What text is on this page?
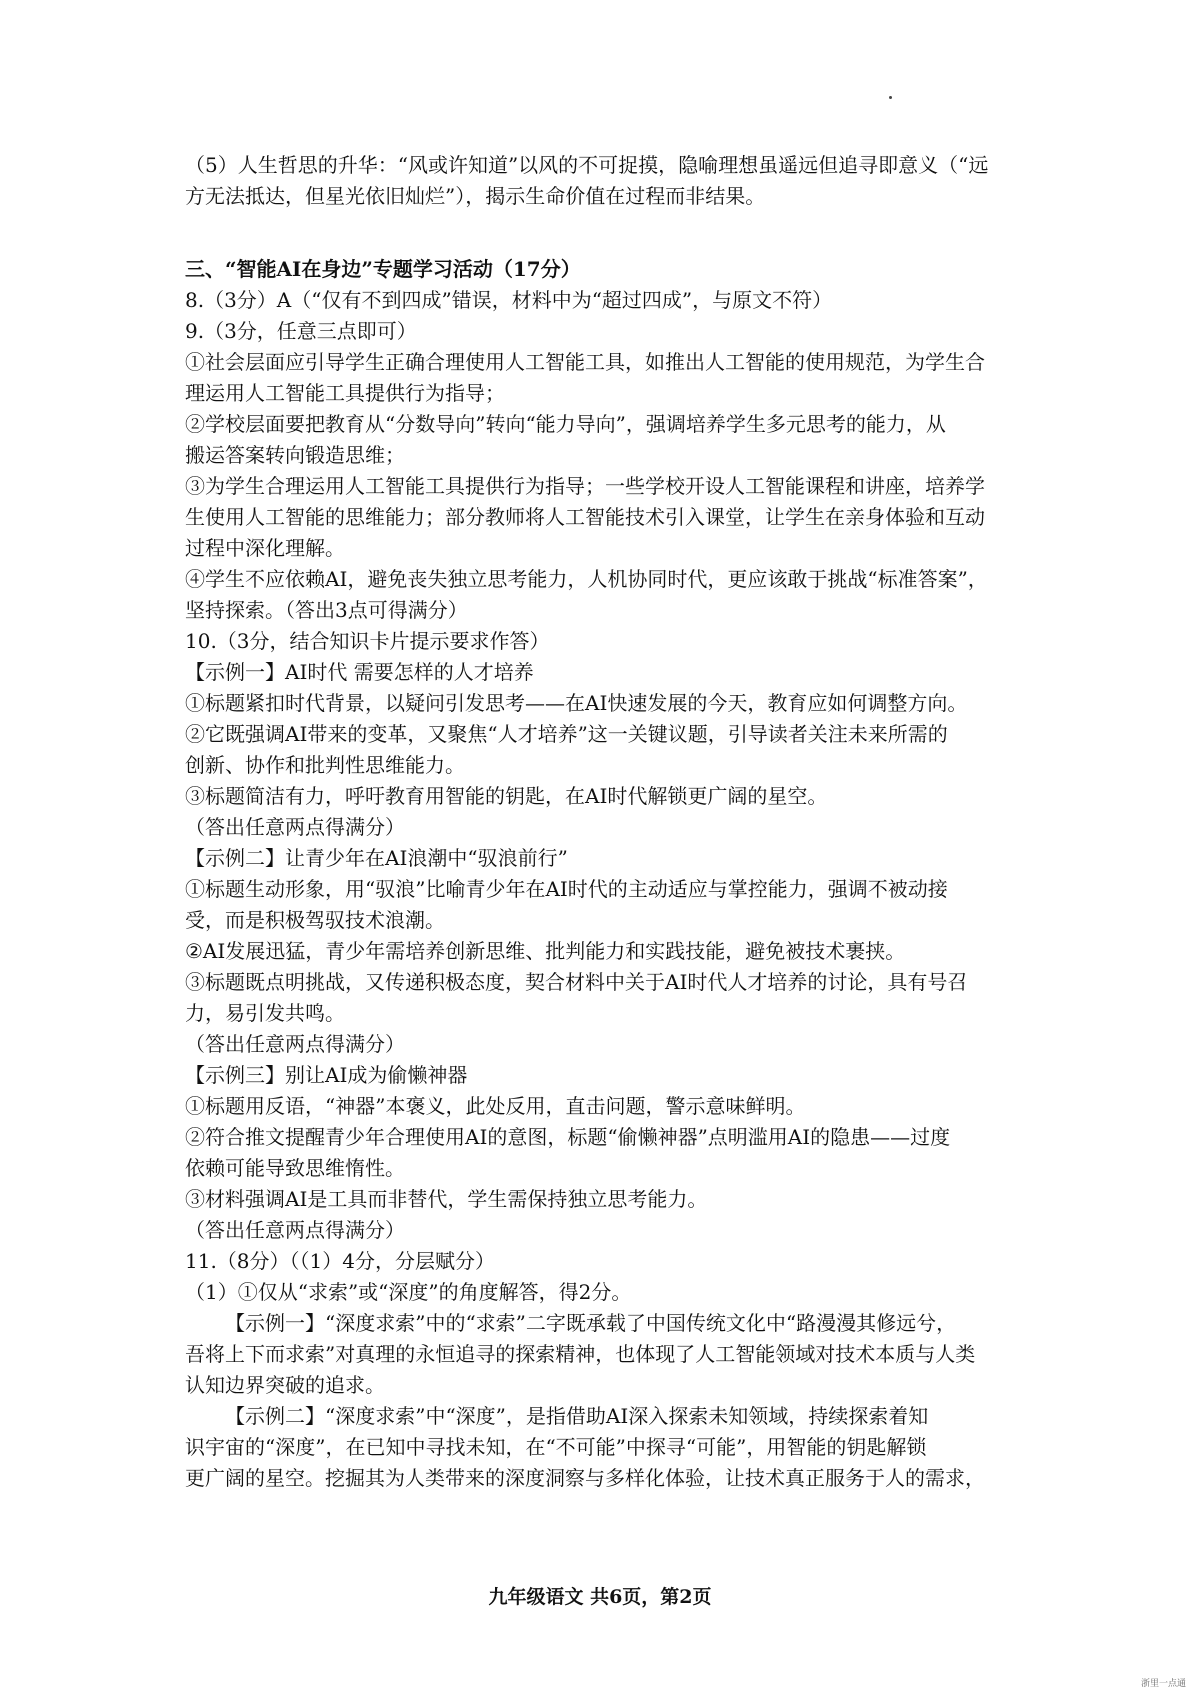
（5）人生哲思的升华：“风或许知道”以风的不可捉摸，隐喻理想虽遥远但追寻即意义（“远
方无法抵达，但星光依旧灿烂”），揭示生命价值在过程而非结果。
三、“智能AI在身边”专题学习活动（17分）
8.（3分）A（“仅有不到四成”错误，材料中为“超过四成”，与原文不符）
9.（3分，任意三点即可）
①社会层面应引导学生正确合理使用人工智能工具，如推出人工智能的使用规范，为学生合
理运用人工智能工具提供行为指导；
②学校层面要把教育从“分数导向”转向“能力导向”，强调培养学生多元思考的能力，从
搬运答案转向锻造思维；
③为学生合理运用人工智能工具提供行为指导；一些学校开设人工智能课程和讲座，培养学
生使用人工智能的思维能力；部分教师将人工智能技术引入课堂，让学生在亲身体验和互动
过程中深化理解。
④学生不应依赖AI，避免丧失独立思考能力，人机协同时代，更应该敢于挑战“标准答案”，
坚持探索。（答出3点可得满分）
10.（3分，结合知识卡片提示要求作答）
【示例一】AI时代 需要怎样的人才培养
①标题紧扣时代背景，以疑问引发思考——在AI快速发展的今天，教育应如何调整方向。
②它既强调AI带来的变革，又聚焦“人才培养”这一关键议题，引导读者关注未来所需的
创新、协作和批判性思维能力。
③标题简洁有力，呼吁教育用智能的钥匙，在AI时代解锁更广阔的星空。
（答出任意两点得满分）
【示例二】让青少年在AI浪潮中“驭浪前行”
①标题生动形象，用“驭浪”比喻青少年在AI时代的主动适应与掌控能力，强调不被动接
受，而是积极驾驭技术浪潮。
②AI发展迅猛，青少年需培养创新思维、批判能力和实践技能，避免被技术裹挟。
③标题既点明挑战，又传递积极态度，契合材料中关于AI时代人才培养的讨论，具有号召
力，易引发共鸣。
（答出任意两点得满分）
【示例三】别让AI成为偷懒神器
①标题用反语，“神器”本褒义，此处反用，直击问题，警示意味鲜明。
②符合推文提醒青少年合理使用AI的意图，标题“偷懒神器”点明滥用AI的隐患——过度
依赖可能导致思维惰性。
③材料强调AI是工具而非替代，学生需保持独立思考能力。
（答出任意两点得满分）
11.（8分）（（1）4分，分层赋分）
（1）①仅从“求索”或“深度”的角度解答，得2分。
【示例一】“深度求索”中的“求索”二字既承载了中国传统文化中“路漫漫其修远兮，
吾将上下而求索”对真理的永恒追寻的探索精神，也体现了人工智能领域对技术本质与人类
认知边界突破的追求。
【示例二】“深度求索”中“深度”，是指借助AI深入探索未知领域，持续探索着知
识宇宙的“深度”，在已知中寻找未知，在“不可能”中探寻“可能”，用智能的钥匙解锁
更广阔的星空。挖掘其为人类带来的深度洞察与多样化体验，让技术真正服务于人的需求，
九年级语文 共6页，第2页
浙里一点通
